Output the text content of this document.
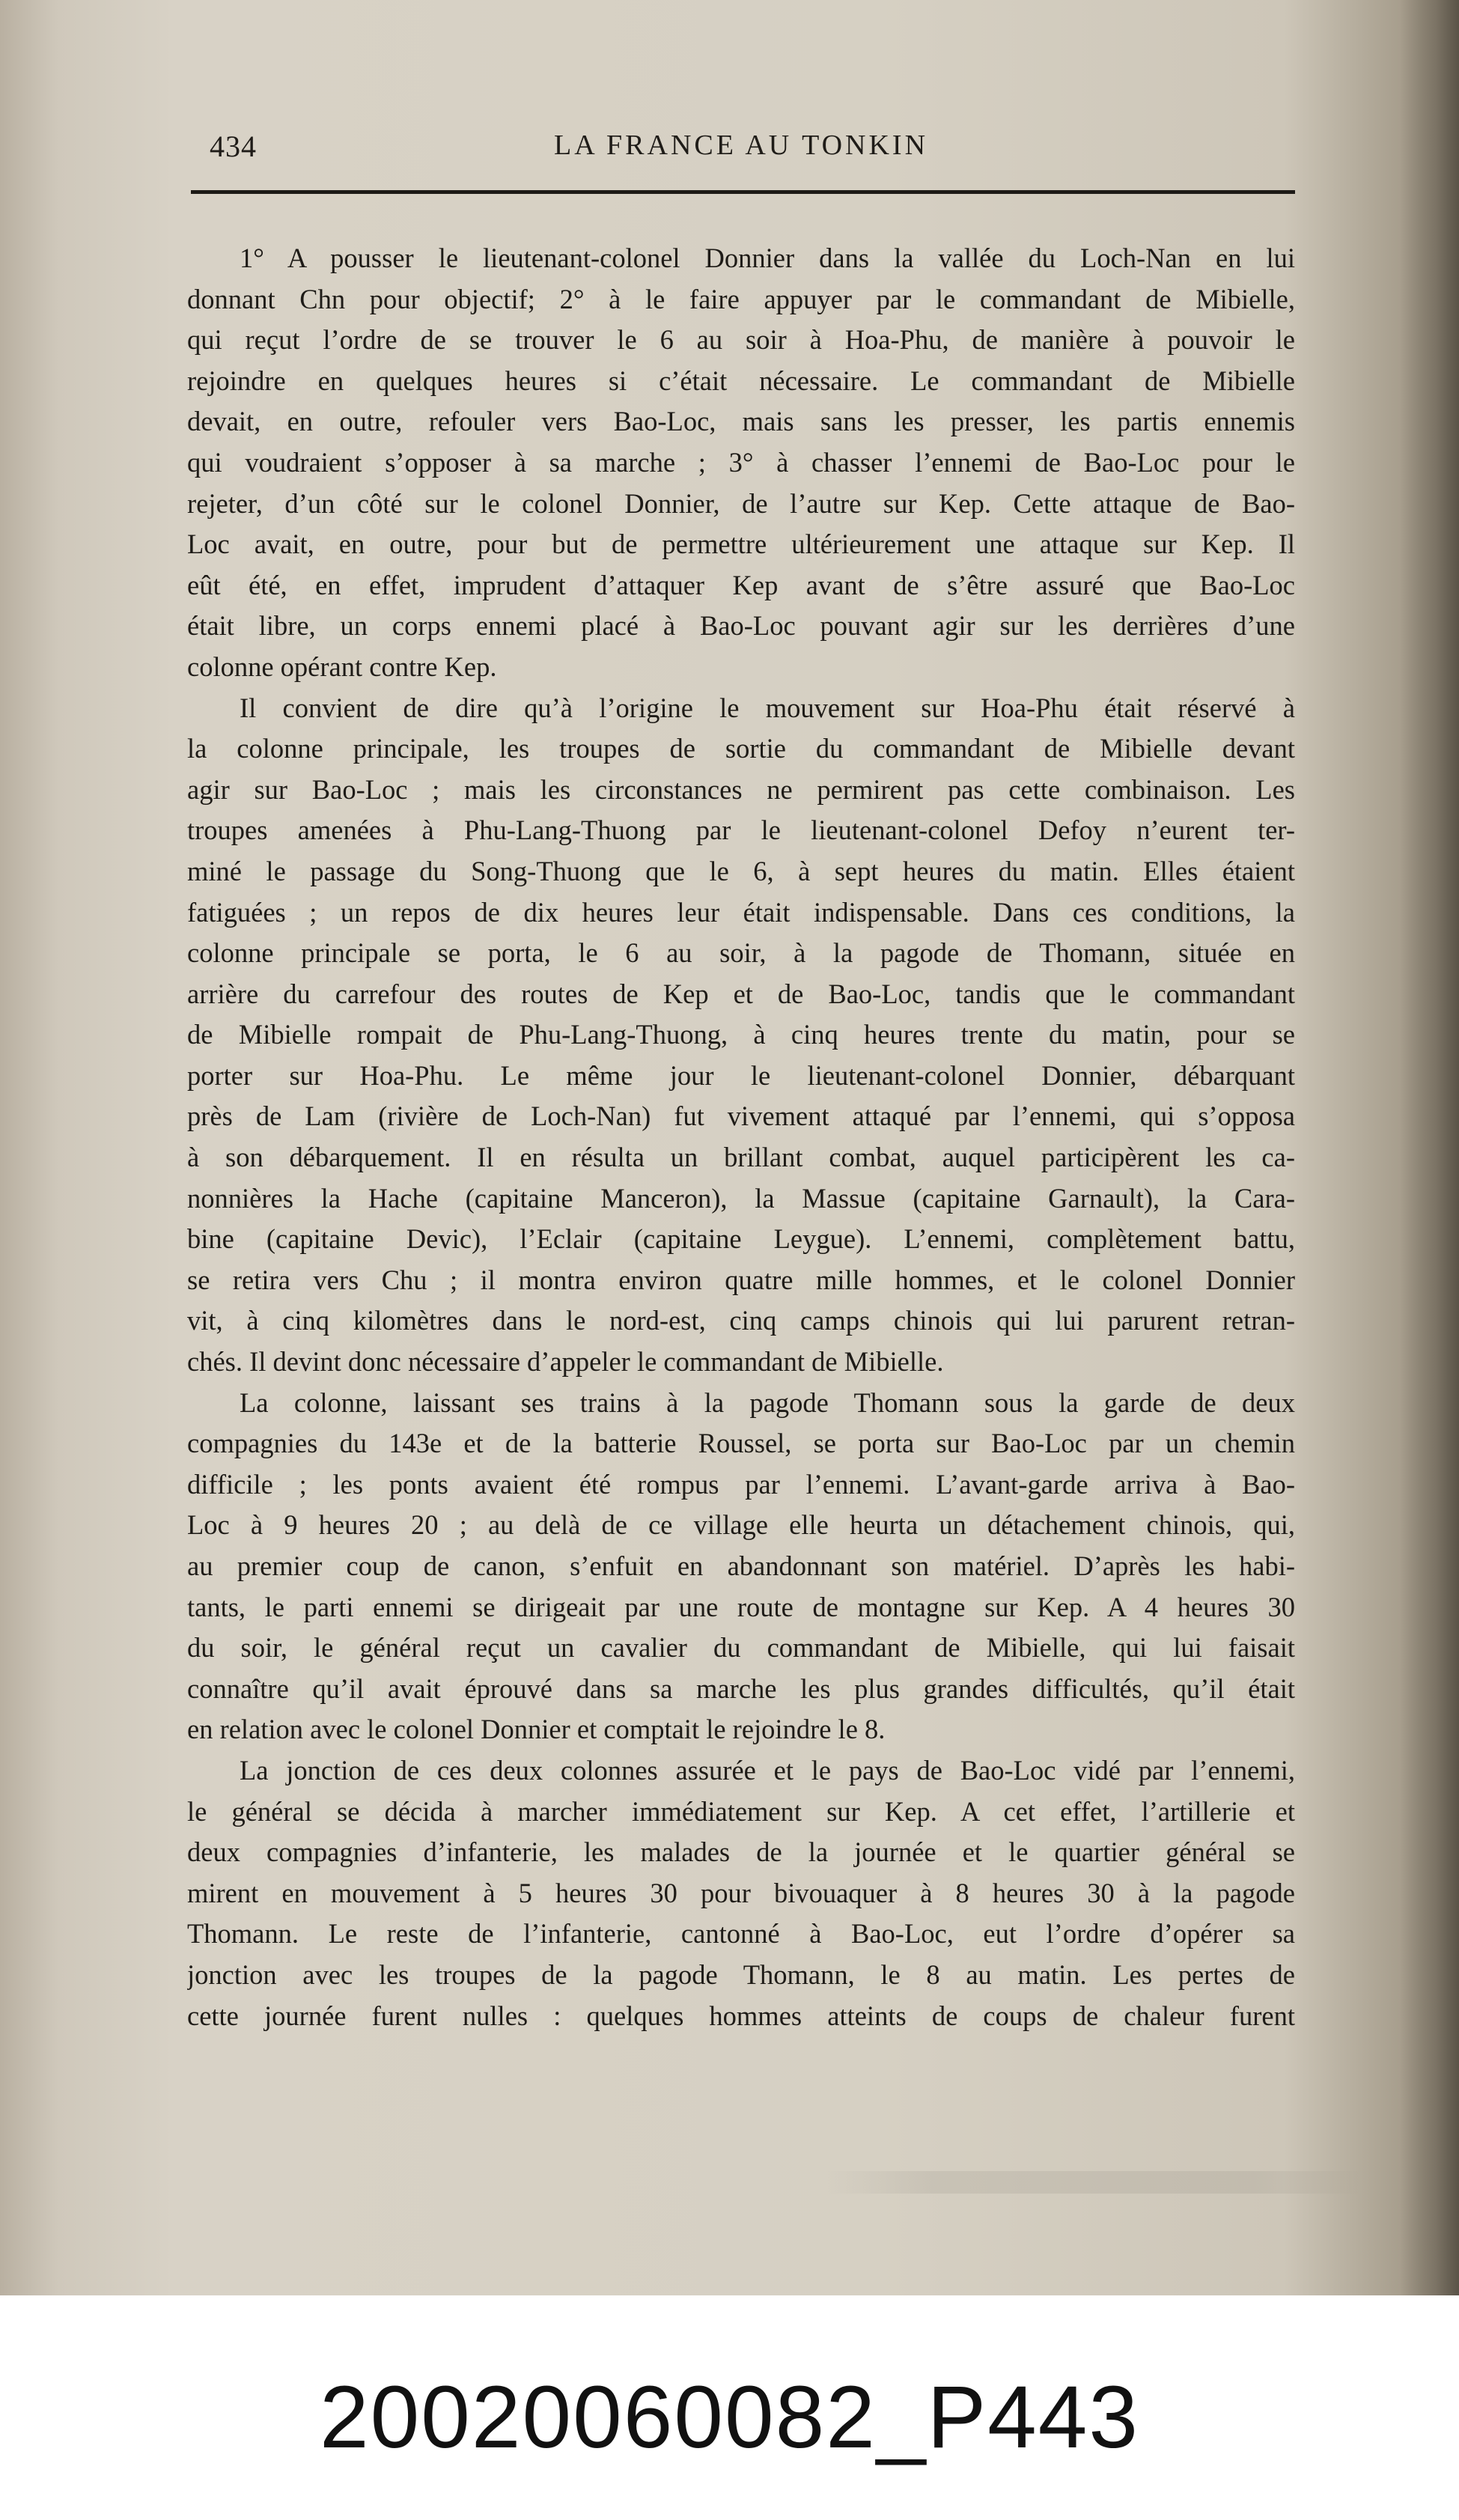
434	LA FRANCE AU TONKIN
1° A pousser le lieutenant-colonel Donnier dans la vallée du Loch-Nan en lui
donnant Chn pour objectif; 2° à le faire appuyer par le commandant de Mibielle,
qui reçut l’ordre de se trouver le 6 au soir à Hoa-Phu, de manière à pouvoir le
rejoindre en quelques heures si c’était nécessaire. Le commandant de Mibielle
devait, en outre, refouler vers Bao-Loc, mais sans les presser, les partis ennemis
qui voudraient s’opposer à sa marche ; 3° à chasser l’ennemi de Bao-Loc pour le
rejeter, d’un côté sur le colonel Donnier, de l’autre sur Kep. Cette attaque de Bao-
Loc avait, en outre, pour but de permettre ultérieurement une attaque sur Kep. Il
eût été, en effet, imprudent d’attaquer Kep avant de s’être assuré que Bao-Loc
était libre, un corps ennemi placé à Bao-Loc pouvant agir sur les derrières d’une
colonne opérant contre Kep.
Il convient de dire qu’à l’origine le mouvement sur Hoa-Phu était réservé à
la colonne principale, les troupes de sortie du commandant de Mibielle devant
agir sur Bao-Loc ; mais les circonstances ne permirent pas cette combinaison. Les
troupes amenées à Phu-Lang-Thuong par le lieutenant-colonel Defoy n’eurent ter-
miné le passage du Song-Thuong que le 6, à sept heures du matin. Elles étaient
fatiguées ; un repos de dix heures leur était indispensable. Dans ces conditions, la
colonne principale se porta, le 6 au soir, à la pagode de Thomann, située en
arrière du carrefour des routes de Kep et de Bao-Loc, tandis que le commandant
de Mibielle rompait de Phu-Lang-Thuong, à cinq heures trente du matin, pour se
porter sur Hoa-Phu. Le même jour le lieutenant-colonel Donnier, débarquant
près de Lam (rivière de Loch-Nan) fut vivement attaqué par l’ennemi, qui s’opposa
à son débarquement. Il en résulta un brillant combat, auquel participèrent les ca-
nonnières la Hache (capitaine Manceron), la Massue (capitaine Garnault), la Cara-
bine (capitaine Devic), l’Eclair (capitaine Leygue). L’ennemi, complètement battu,
se retira vers Chu ; il montra environ quatre mille hommes, et le colonel Donnier
vit, à cinq kilomètres dans le nord-est, cinq camps chinois qui lui parurent retran-
chés. Il devint donc nécessaire d’appeler le commandant de Mibielle.
La colonne, laissant ses trains à la pagode Thomann sous la garde de deux
compagnies du 143e et de la batterie Roussel, se porta sur Bao-Loc par un chemin
difficile ; les ponts avaient été rompus par l’ennemi. L’avant-garde arriva à Bao-
Loc à 9 heures 20 ; au delà de ce village elle heurta un détachement chinois, qui,
au premier coup de canon, s’enfuit en abandonnant son matériel. D’après les habi-
tants, le parti ennemi se dirigeait par une route de montagne sur Kep. A 4 heures 30
du soir, le général reçut un cavalier du commandant de Mibielle, qui lui faisait
connaître qu’il avait éprouvé dans sa marche les plus grandes difficultés, qu’il était
en relation avec le colonel Donnier et comptait le rejoindre le 8.
La jonction de ces deux colonnes assurée et le pays de Bao-Loc vidé par l’ennemi,
le général se décida à marcher immédiatement sur Kep. A cet effet, l’artillerie et
deux compagnies d’infanterie, les malades de la journée et le quartier général se
mirent en mouvement à 5 heures 30 pour bivouaquer à 8 heures 30 à la pagode
Thomann. Le reste de l’infanterie, cantonné à Bao-Loc, eut l’ordre d’opérer sa
jonction avec les troupes de la pagode Thomann, le 8 au matin. Les pertes de
cette journée furent nulles : quelques hommes atteints de coups de chaleur furent
20020060082_P443
